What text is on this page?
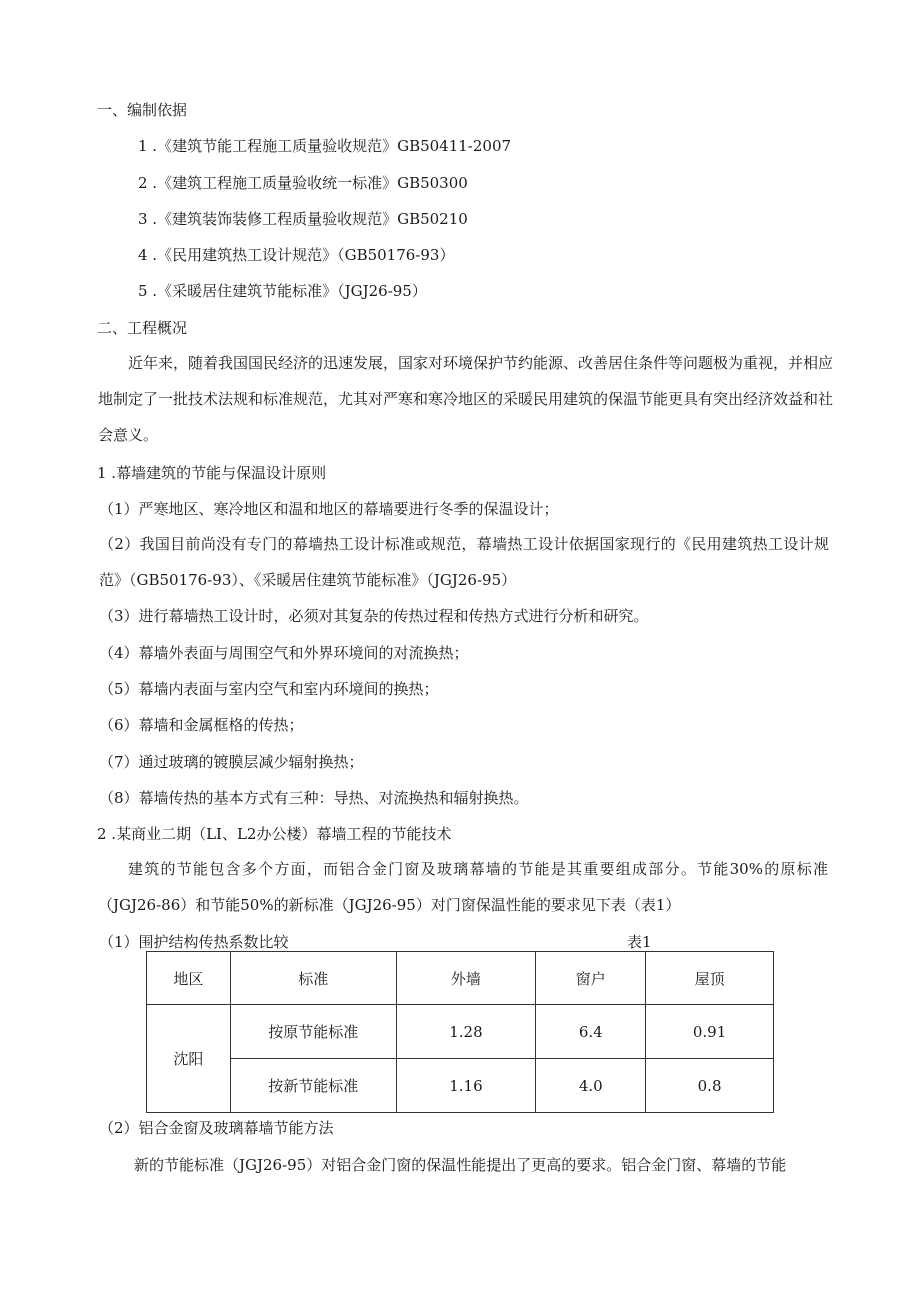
一、编制依据
1 .《建筑节能工程施工质量验收规范》GB50411-2007
2 .《建筑工程施工质量验收统一标准》GB50300
3 .《建筑装饰装修工程质量验收规范》GB50210
4 .《民用建筑热工设计规范》（GB50176-93）
5 .《采暖居住建筑节能标准》（JGJ26-95）
二、工程概况
近年来，随着我国国民经济的迅速发展，国家对环境保护节约能源、改善居住条件等问题极为重视，并相应地制定了一批技术法规和标准规范，尤其对严寒和寒冷地区的采暖民用建筑的保温节能更具有突出经济效益和社会意义。
1 .幕墙建筑的节能与保温设计原则
（1）严寒地区、寒冷地区和温和地区的幕墙要进行冬季的保温设计；
（2）我国目前尚没有专门的幕墙热工设计标准或规范，幕墙热工设计依据国家现行的《民用建筑热工设计规范》（GB50176-93）、《采暖居住建筑节能标准》（JGJ26-95）
（3）进行幕墙热工设计时，必须对其复杂的传热过程和传热方式进行分析和研究。
（4）幕墙外表面与周围空气和外界环境间的对流换热；
（5）幕墙内表面与室内空气和室内环境间的换热；
（6）幕墙和金属框格的传热；
（7）通过玻璃的镀膜层减少辐射换热；
（8）幕墙传热的基本方式有三种：导热、对流换热和辐射换热。
2 .某商业二期（LI、L2办公楼）幕墙工程的节能技术
建筑的节能包含多个方面，而铝合金门窗及玻璃幕墙的节能是其重要组成部分。节能30%的原标准（JGJ26-86）和节能50%的新标准（JGJ26-95）对门窗保温性能的要求见下表（表1）
（1）围护结构传热系数比较	表1
地区	标准	外墙	窗户	屋顶
沈阳	按原节能标准	1.28	6.4	0.91
	按新节能标准	1.16	4.0	0.8
（2）铝合金窗及玻璃幕墙节能方法
新的节能标准（JGJ26-95）对铝合金门窗的保温性能提出了更高的要求。铝合金门窗、幕墙的节能
